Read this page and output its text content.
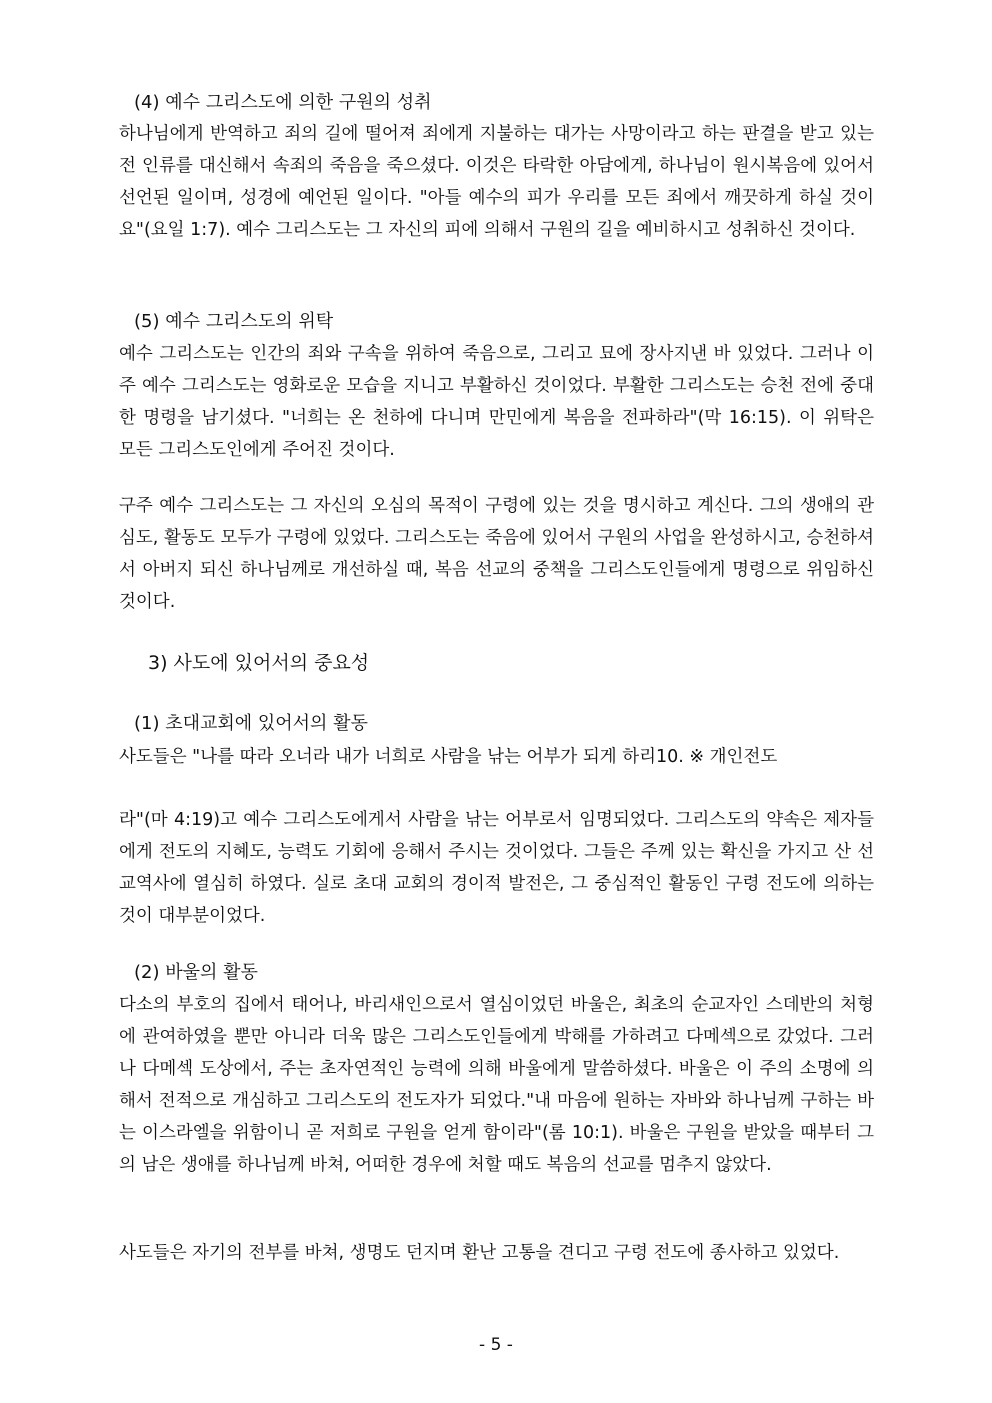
(4) 예수 그리스도에 의한 구원의 성취

하나님에게 반역하고 죄의 길에 떨어져 죄에게 지불하는 대가는 사망이라고 하는 판결을 받고 있는 전 인류를 대신해서 속죄의 죽음을 죽으셨다. 이것은 타락한 아담에게, 하나님이 원시복음에 있어서 선언된 일이며, 성경에 예언된 일이다. "아들 예수의 피가 우리를 모든 죄에서 깨끗하게 하실 것이요"(요일 1:7). 예수 그리스도는 그 자신의 피에 의해서 구원의 길을 예비하시고 성취하신 것이다.

(5) 예수 그리스도의 위탁

예수 그리스도는 인간의 죄와 구속을 위하여 죽음으로, 그리고 묘에 장사지낸 바 있었다. 그러나 이 주 예수 그리스도는 영화로운 모습을 지니고 부활하신 것이었다. 부활한 그리스도는 승천 전에 중대한 명령을 남기셨다. "너희는 온 천하에 다니며 만민에게 복음을 전파하라"(막 16:15). 이 위탁은 모든 그리스도인에게 주어진 것이다.

구주 예수 그리스도는 그 자신의 오심의 목적이 구령에 있는 것을 명시하고 계신다. 그의 생애의 관심도, 활동도 모두가 구령에 있었다. 그리스도는 죽음에 있어서 구원의 사업을 완성하시고, 승천하셔서 아버지 되신 하나님께로 개선하실 때, 복음 선교의 중책을 그리스도인들에게 명령으로 위임하신 것이다.

3) 사도에 있어서의 중요성
(1) 초대교회에 있어서의 활동

사도들은 "나를 따라 오너라 내가 너희로 사람을 낚는 어부가 되게 하리10. ※ 개인전도

라"(마 4:19)고 예수 그리스도에게서 사람을 낚는 어부로서 임명되었다. 그리스도의 약속은 제자들에게 전도의 지혜도, 능력도 기회에 응해서 주시는 것이었다. 그들은 주께 있는 확신을 가지고 산 선교역사에 열심히 하였다. 실로 초대 교회의 경이적 발전은, 그 중심적인 활동인 구령 전도에 의하는 것이 대부분이었다.

(2) 바울의 활동

다소의 부호의 집에서 태어나, 바리새인으로서 열심이었던 바울은, 최초의 순교자인 스데반의 처형에 관여하였을 뿐만 아니라 더욱 많은 그리스도인들에게 박해를 가하려고 다메섹으로 갔었다. 그러나 다메섹 도상에서, 주는 초자연적인 능력에 의해 바울에게 말씀하셨다. 바울은 이 주의 소명에 의해서 전적으로 개심하고 그리스도의 전도자가 되었다."내 마음에 원하는 자바와 하나님께 구하는 바는 이스라엘을 위함이니 곧 저희로 구원을 얻게 함이라"(롬 10:1). 바울은 구원을 받았을 때부터 그의 남은 생애를 하나님께 바쳐, 어떠한 경우에 처할 때도 복음의 선교를 멈추지 않았다.

사도들은 자기의 전부를 바쳐, 생명도 던지며 환난 고통을 견디고 구령 전도에 종사하고 있었다.

- 5 -
